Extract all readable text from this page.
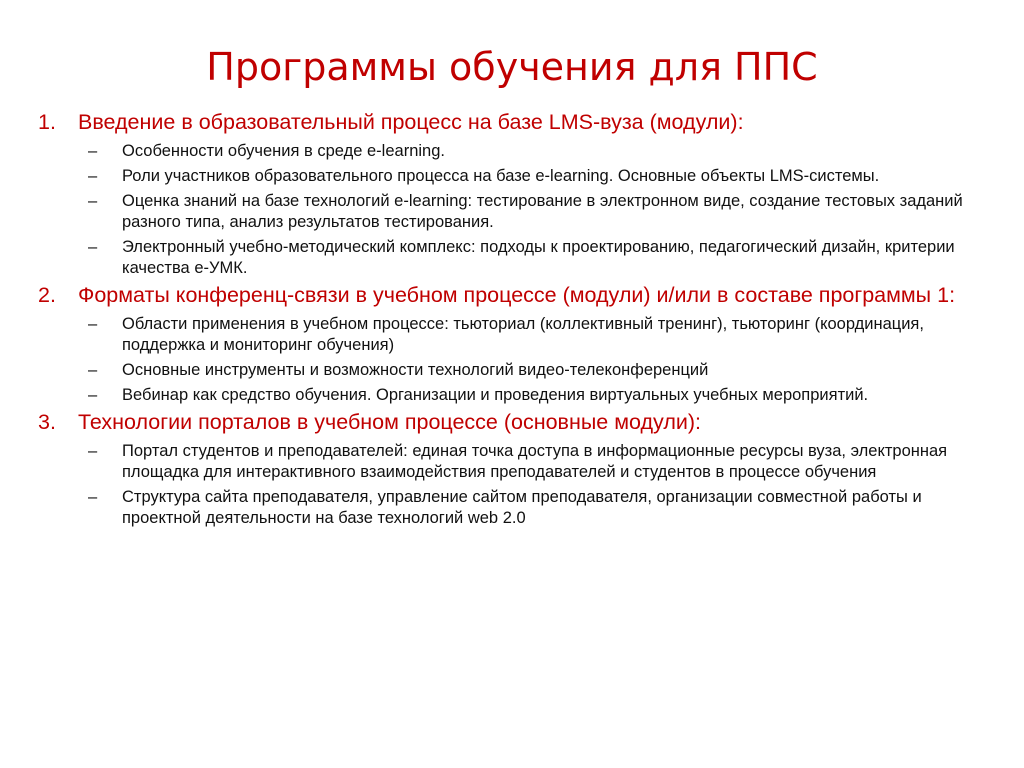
Программы обучения для ППС
1.	Введение в образовательный процесс на базе LMS-вуза (модули):
–	Особенности обучения в среде e-learning.
–	Роли участников образовательного процесса на базе e-learning. Основные объекты LMS-системы.
–	Оценка знаний на базе технологий e-learning: тестирование в электронном виде, создание тестовых заданий разного типа, анализ результатов тестирования.
–	Электронный учебно-методический комплекс: подходы к проектированию, педагогический дизайн, критерии качества е-УМК.
2.	Форматы конференц-связи в учебном процессе (модули) и/или в составе программы 1:
–	Области применения в учебном процессе: тьюториал (коллективный тренинг), тьюторинг (координация, поддержка и мониторинг обучения)
–	Основные инструменты и возможности технологий видео-телеконференций
–	Вебинар как средство обучения. Организации и проведения виртуальных учебных мероприятий.
3.	Технологии порталов в учебном процессе (основные модули):
–	Портал студентов и преподавателей: единая точка доступа в информационные ресурсы вуза, электронная площадка для интерактивного взаимодействия преподавателей и студентов в процессе обучения
–	Структура сайта преподавателя, управление сайтом преподавателя, организации совместной работы и проектной деятельности на базе технологий web 2.0
